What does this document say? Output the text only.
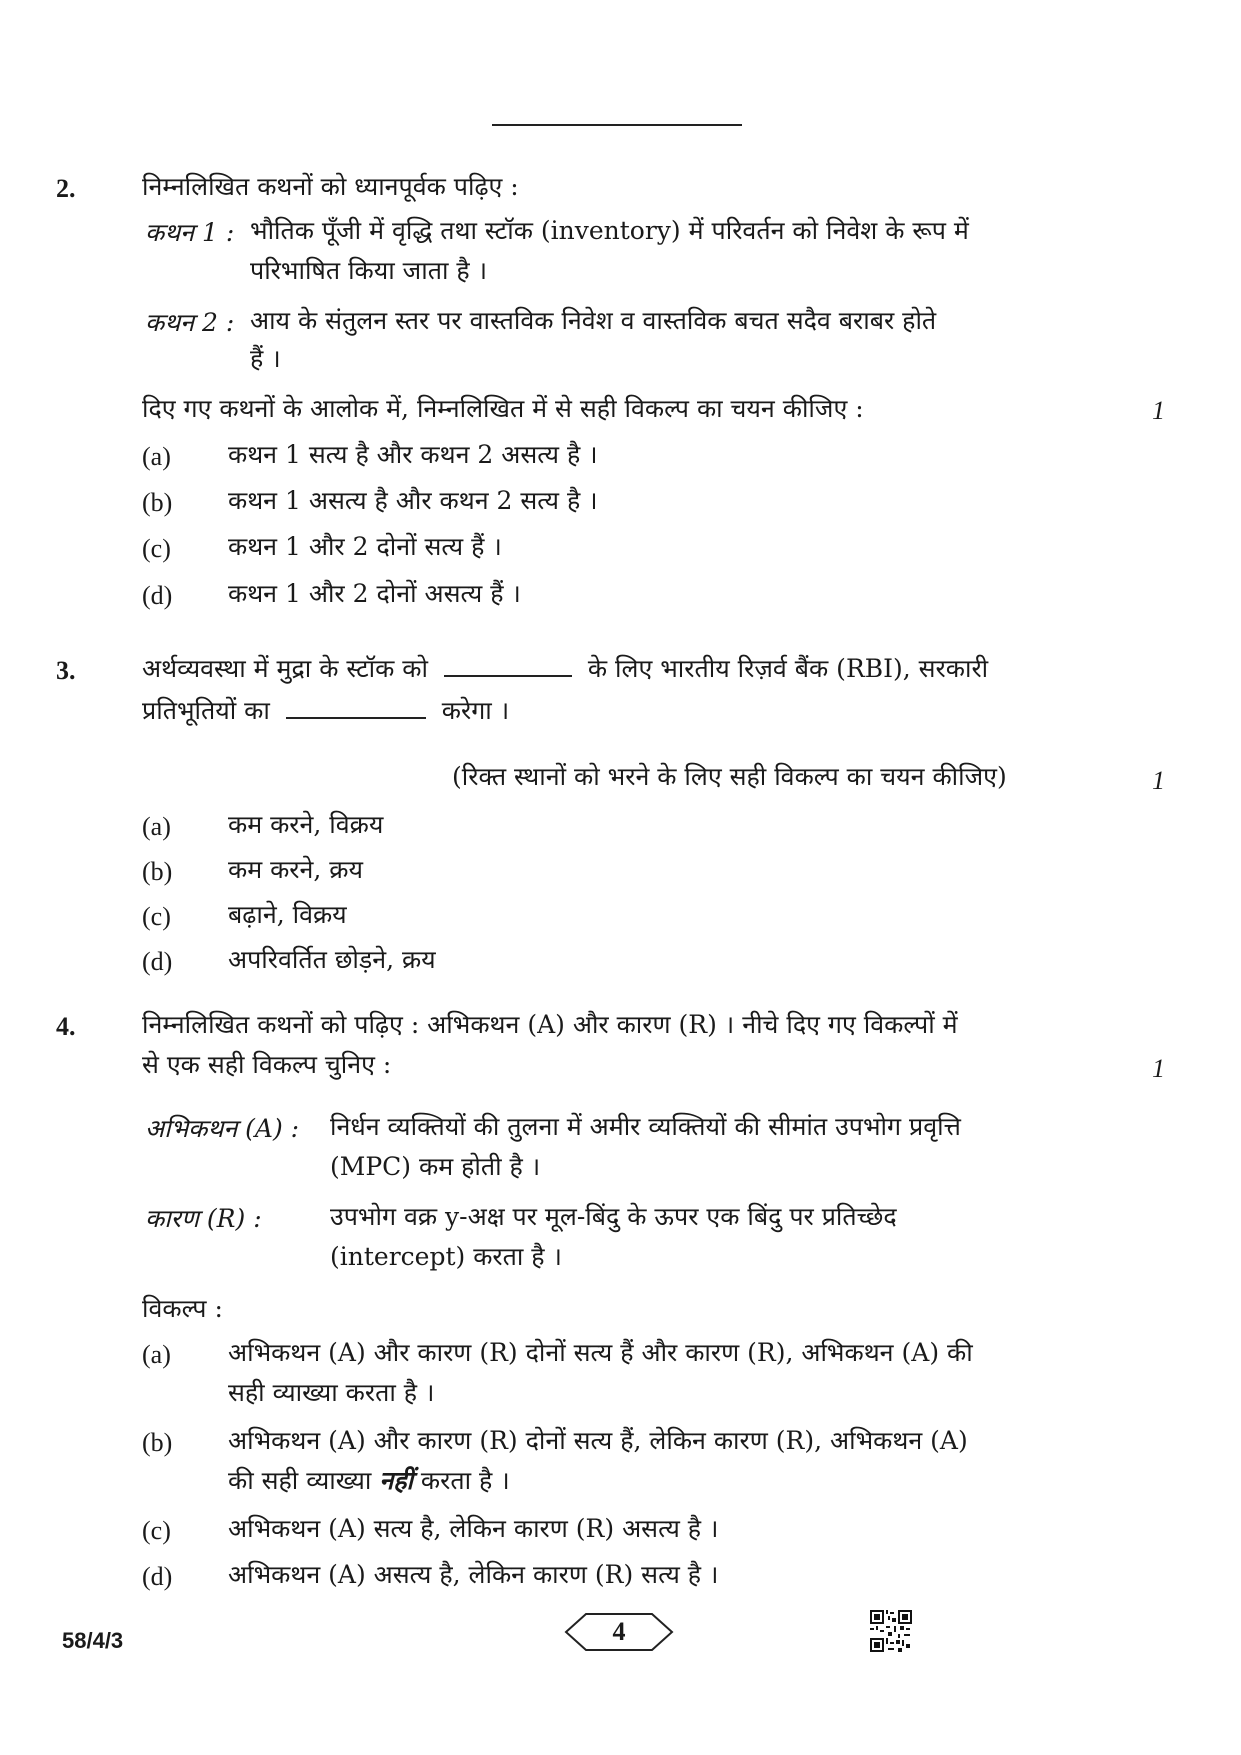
2.	निम्नलिखित कथनों को ध्यानपूर्वक पढ़िए :
कथन 1 : भौतिक पूँजी में वृद्धि तथा स्टॉक (inventory) में परिवर्तन को निवेश के रूप में
परिभाषित किया जाता है ।
कथन 2 : आय के संतुलन स्तर पर वास्तविक निवेश व वास्तविक बचत सदैव बराबर होते
हैं ।
दिए गए कथनों के आलोक में, निम्नलिखित में से सही विकल्प का चयन कीजिए :	1
(a) कथन 1 सत्य है और कथन 2 असत्य है ।
(b) कथन 1 असत्य है और कथन 2 सत्य है ।
(c) कथन 1 और 2 दोनों सत्य हैं ।
(d) कथन 1 और 2 दोनों असत्य हैं ।
3.	अर्थव्यवस्था में मुद्रा के स्टॉक को	के लिए भारतीय रिज़र्व बैंक (RBI), सरकारी
प्रतिभूतियों का	करेगा ।
(रिक्त स्थानों को भरने के लिए सही विकल्प का चयन कीजिए)	1
(a) कम करने, विक्रय
(b) कम करने, क्रय
(c) बढ़ाने, विक्रय
(d) अपरिवर्तित छोड़ने, क्रय
4.	निम्नलिखित कथनों को पढ़िए : अभिकथन (A) और कारण (R) । नीचे दिए गए विकल्पों में
से एक सही विकल्प चुनिए :	1
अभिकथन (A) : निर्धन व्यक्तियों की तुलना में अमीर व्यक्तियों की सीमांत उपभोग प्रवृत्ति
(MPC) कम होती है ।
कारण (R) :	उपभोग वक्र y-अक्ष पर मूल-बिंदु के ऊपर एक बिंदु पर प्रतिच्छेद
(intercept) करता है ।
विकल्प :
(a) अभिकथन (A) और कारण (R) दोनों सत्य हैं और कारण (R), अभिकथन (A) की
सही व्याख्या करता है ।
(b) अभिकथन (A) और कारण (R) दोनों सत्य हैं, लेकिन कारण (R), अभिकथन (A)
की सही व्याख्या नहीं करता है ।
(c) अभिकथन (A) सत्य है, लेकिन कारण (R) असत्य है ।
(d) अभिकथन (A) असत्य है, लेकिन कारण (R) सत्य है ।
58/4/3	4
